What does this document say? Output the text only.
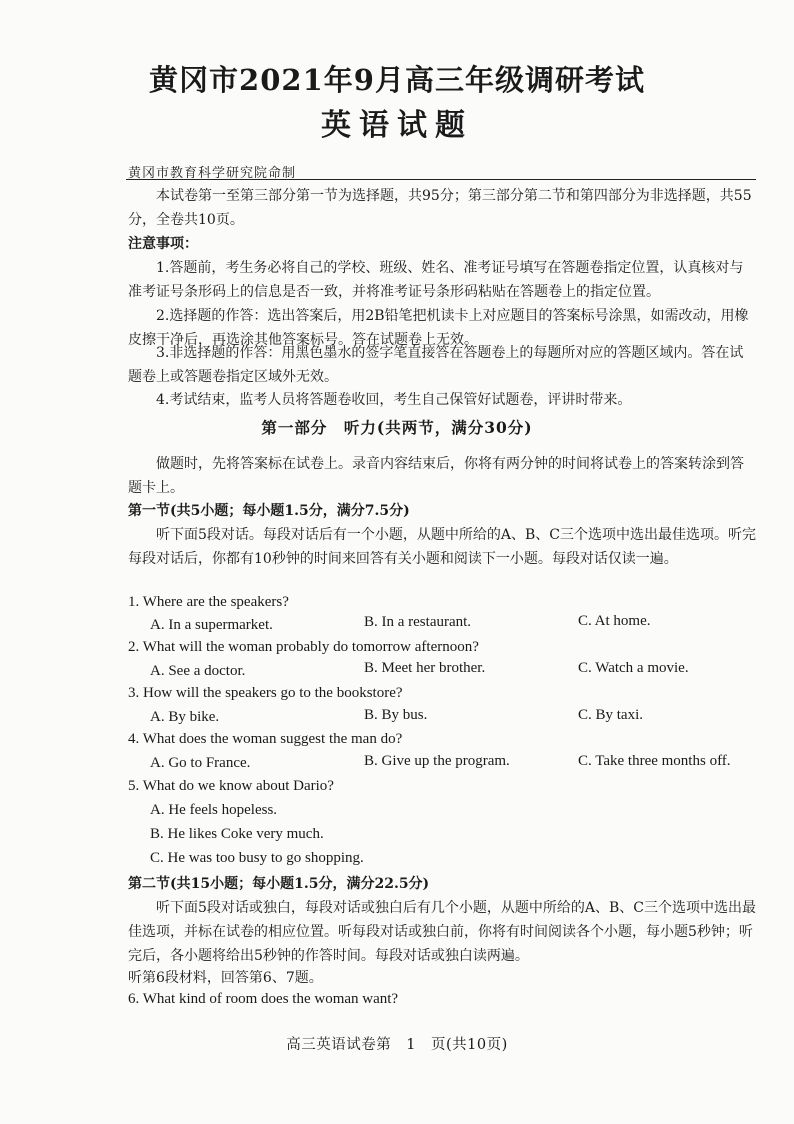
黄冈市2021年9月高三年级调研考试
英语试题
黄冈市教育科学研究院命制
本试卷第一至第三部分第一节为选择题，共95分；第三部分第二节和第四部分为非选择题，共55分，全卷共10页。
注意事项：
1.答题前，考生务必将自己的学校、班级、姓名、准考证号填写在答题卷指定位置，认真核对与准考证号条形码上的信息是否一致，并将准考证号条形码粘贴在答题卷上的指定位置。
2.选择题的作答：选出答案后，用2B铅笔把机读卡上对应题目的答案标号涂黑，如需改动，用橡皮擦干净后，再选涂其他答案标号。答在试题卷上无效。
3.非选择题的作答：用黑色墨水的签字笔直接答在答题卷上的每题所对应的答题区域内。答在试题卷上或答题卷指定区域外无效。
4.考试结束，监考人员将答题卷收回，考生自己保管好试题卷，评讲时带来。
第一部分　听力(共两节，满分30分)
做题时，先将答案标在试卷上。录音内容结束后，你将有两分钟的时间将试卷上的答案转涂到答题卡上。
第一节(共5小题；每小题1.5分，满分7.5分)
听下面5段对话。每段对话后有一个小题，从题中所给的A、B、C三个选项中选出最佳选项。听完每段对话后，你都有10秒钟的时间来回答有关小题和阅读下一小题。每段对话仅读一遍。
1. Where are the speakers?
A. In a supermarket.	B. In a restaurant.	C. At home.
2. What will the woman probably do tomorrow afternoon?
A. See a doctor.	B. Meet her brother.	C. Watch a movie.
3. How will the speakers go to the bookstore?
A. By bike.	B. By bus.	C. By taxi.
4. What does the woman suggest the man do?
A. Go to France.	B. Give up the program.	C. Take three months off.
5. What do we know about Dario?
A. He feels hopeless.
B. He likes Coke very much.
C. He was too busy to go shopping.
第二节(共15小题；每小题1.5分，满分22.5分)
听下面5段对话或独白，每段对话或独白后有几个小题，从题中所给的A、B、C三个选项中选出最佳选项，并标在试卷的相应位置。听每段对话或独白前，你将有时间阅读各个小题，每小题5秒钟；听完后，各小题将给出5秒钟的作答时间。每段对话或独白读两遍。
听第6段材料，回答第6、7题。
6. What kind of room does the woman want?
高三英语试卷第　1　页(共10页)
